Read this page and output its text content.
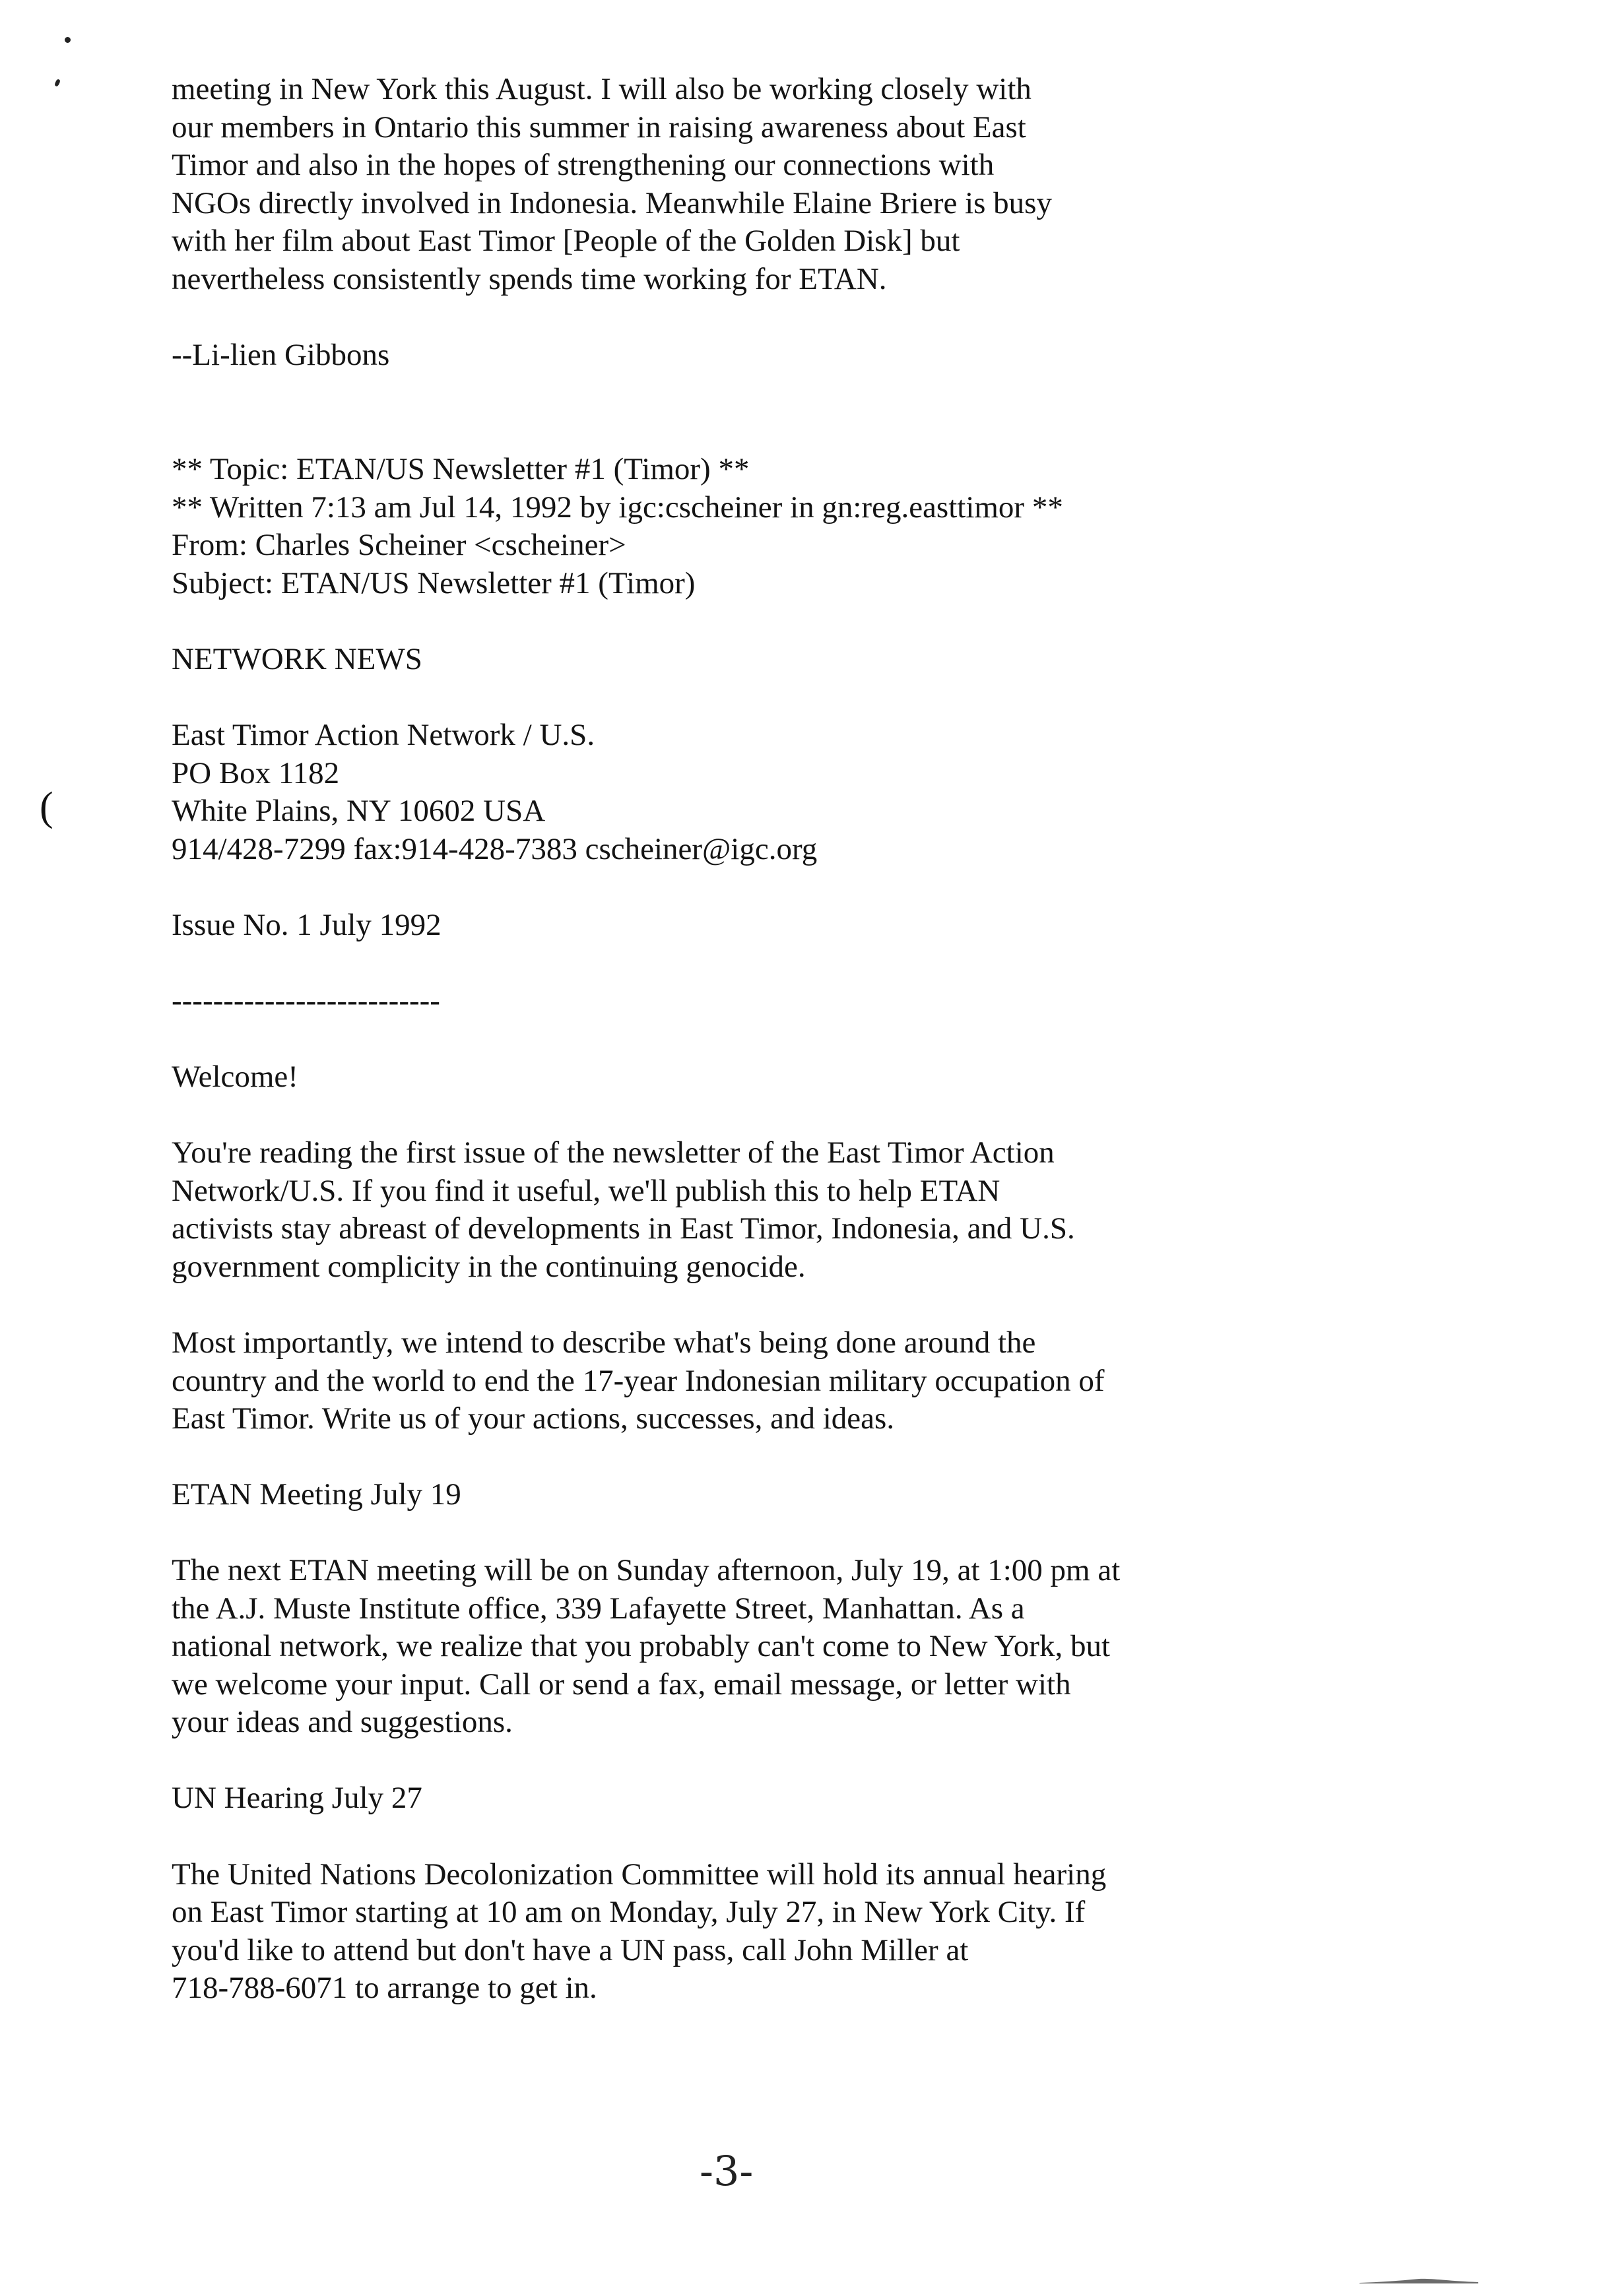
meeting in New York this August. I will also be working closely with
our members in Ontario this summer in raising awareness about East
Timor and also in the hopes of strengthening our connections with
NGOs directly involved in Indonesia. Meanwhile Elaine Briere is busy
with her film about East Timor [People of the Golden Disk] but
nevertheless consistently spends time working for ETAN.
--Li-lien Gibbons
** Topic: ETAN/US Newsletter #1 (Timor) **
** Written 7:13 am Jul 14, 1992 by igc:cscheiner in gn:reg.easttimor **
From: Charles Scheiner <cscheiner>
Subject: ETAN/US Newsletter #1 (Timor)
NETWORK NEWS
East Timor Action Network / U.S.
PO Box 1182
White Plains, NY 10602 USA
914/428-7299 fax:914-428-7383 cscheiner@igc.org
Issue No. 1 July 1992
--------------------------
Welcome!
You're reading the first issue of the newsletter of the East Timor Action
Network/U.S. If you find it useful, we'll publish this to help ETAN
activists stay abreast of developments in East Timor, Indonesia, and U.S.
government complicity in the continuing genocide.
Most importantly, we intend to describe what's being done around the
country and the world to end the 17-year Indonesian military occupation of
East Timor. Write us of your actions, successes, and ideas.
ETAN Meeting July 19
The next ETAN meeting will be on Sunday afternoon, July 19, at 1:00 pm at
the A.J. Muste Institute office, 339 Lafayette Street, Manhattan. As a
national network, we realize that you probably can't come to New York, but
we welcome your input. Call or send a fax, email message, or letter with
your ideas and suggestions.
UN Hearing July 27
The United Nations Decolonization Committee will hold its annual hearing
on East Timor starting at 10 am on Monday, July 27, in New York City. If
you'd like to attend but don't have a UN pass, call John Miller at
718-788-6071 to arrange to get in.
(
-3-
